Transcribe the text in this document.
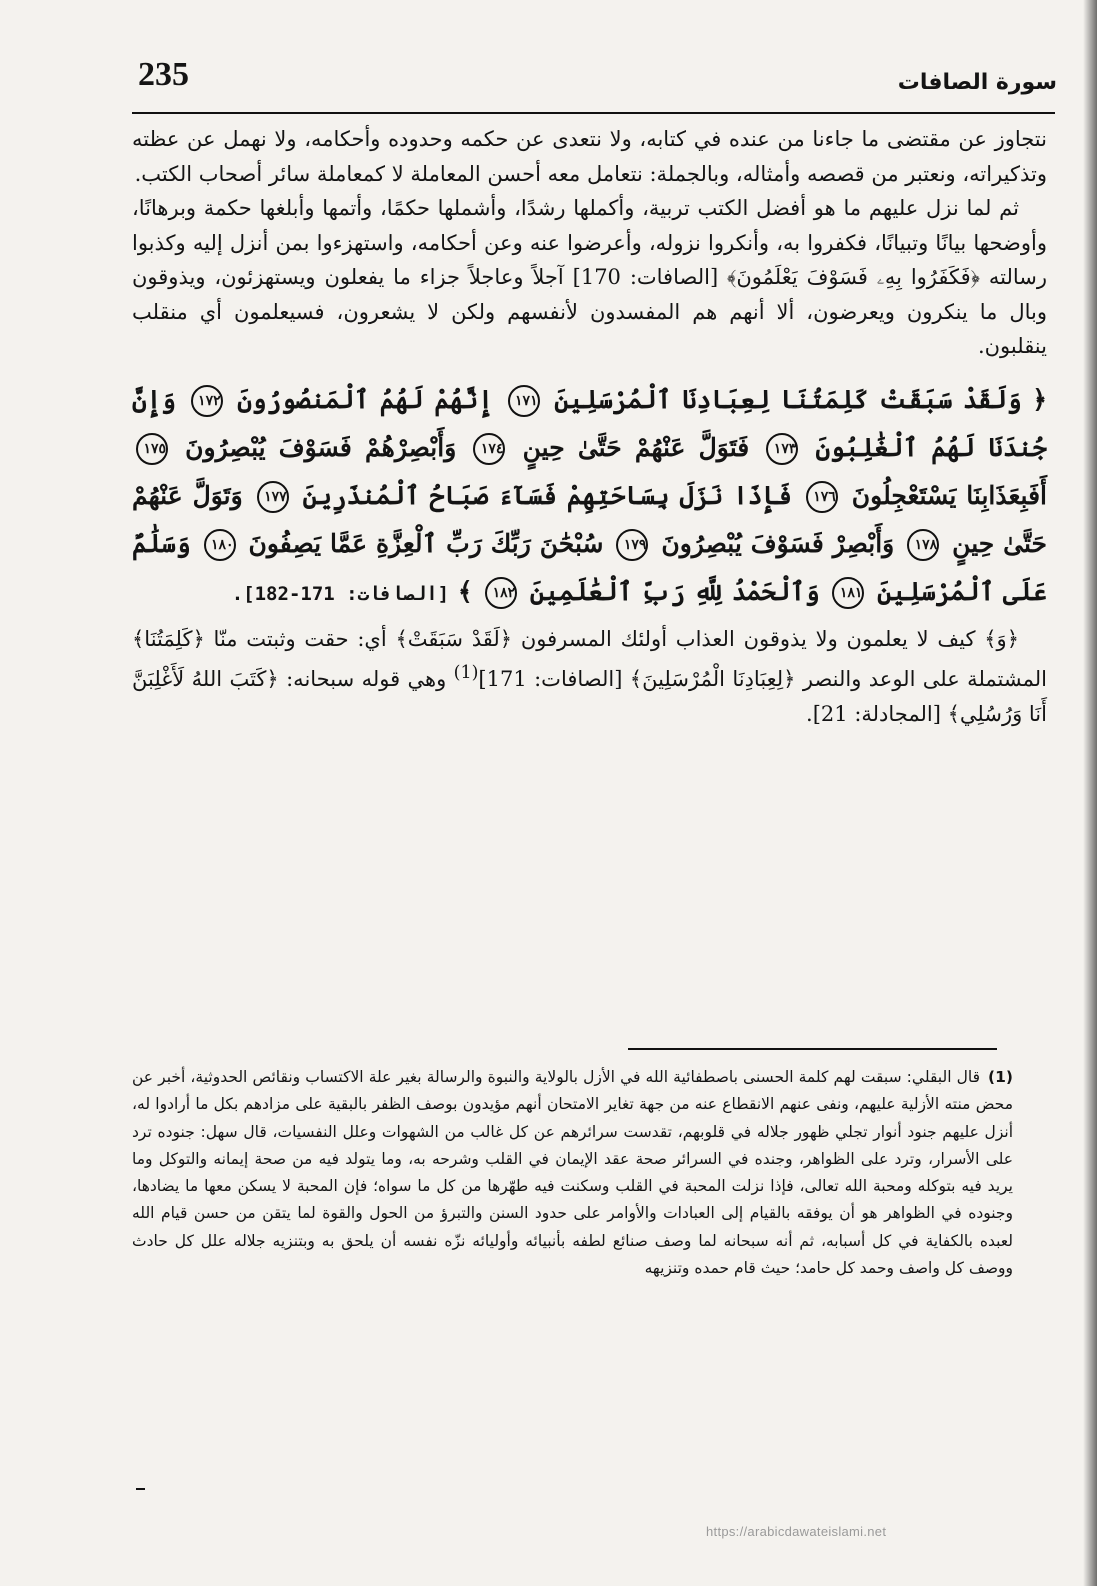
235	سورة الصافات

نتجاوز عن مقتضى ما جاءنا من عنده في كتابه، ولا نتعدى عن حكمه وحدوده وأحكامه، ولا نهمل عن عظته وتذكيراته، ونعتبر من قصصه وأمثاله، وبالجملة: نتعامل معه أحسن المعاملة لا كمعاملة سائر أصحاب الكتب.

ثم لما نزل عليهم ما هو أفضل الكتب تربية، وأكملها رشدًا، وأشملها حكمًا، وأتمها وأبلغها حكمة وبرهانًا، وأوضحها بيانًا وتبيانًا، فكفروا به، وأنكروا نزوله، وأعرضوا عنه وعن أحكامه، واستهزءوا بمن أنزل إليه وكذبوا رسالته ﴿فَكَفَرُوا بِهِۦ فَسَوْفَ يَعْلَمُونَ﴾ [الصافات: 170] آجلاً وعاجلاً جزاء ما يفعلون ويستهزئون، ويذوقون وبال ما ينكرون ويعرضون، ألا أنهم هم المفسدون لأنفسهم ولكن لا يشعرون، فسيعلمون أي منقلب ينقلبون.

﴿ وَلَقَدْ سَبَقَتْ كَلِمَتُنَا لِعِبَادِنَا ٱلْمُرْسَلِينَ ١٧١ إِنَّهُمْ لَهُمُ ٱلْمَنصُورُونَ ١٧٢ وَإِنَّ جُندَنَا لَهُمُ ٱلْغَٰلِبُونَ ١٧٣ فَتَوَلَّ عَنْهُمْ حَتَّىٰ حِينٍ ١٧٤ وَأَبْصِرْهُمْ فَسَوْفَ يُبْصِرُونَ ١٧٥ أَفَبِعَذَابِنَا يَسْتَعْجِلُونَ ١٧٦ فَإِذَا نَزَلَ بِسَاحَتِهِمْ فَسَآءَ صَبَاحُ ٱلْمُنذَرِينَ ١٧٧ وَتَوَلَّ عَنْهُمْ حَتَّىٰ حِينٍ ١٧٨ وَأَبْصِرْ فَسَوْفَ يُبْصِرُونَ ١٧٩ سُبْحَٰنَ رَبِّكَ رَبِّ ٱلْعِزَّةِ عَمَّا يَصِفُونَ ١٨٠ وَسَلَٰمٌ عَلَى ٱلْمُرْسَلِينَ ١٨١ وَٱلْحَمْدُ لِلَّهِ رَبِّ ٱلْعَٰلَمِينَ ١٨٢ ﴾ [الصافات: 171-182].

﴿وَ﴾ كيف لا يعلمون ولا يذوقون العذاب أولئك المسرفون ﴿لَقَدْ سَبَقَتْ﴾ أي: حقت وثبتت منّا ﴿كَلِمَتُنَا﴾ المشتملة على الوعد والنصر ﴿لِعِبَادِنَا الْمُرْسَلِينَ﴾ [الصافات: 171]$^{(1)}$ وهي قوله سبحانه: ﴿كَتَبَ اللهُ لَأَغْلِبَنَّ أَنَا وَرُسُلِي﴾ [المجادلة: 21].

(1)قال البقلي: سبقت لهم كلمة الحسنى باصطفائية الله في الأزل بالولاية والنبوة والرسالة بغير علة الاكتساب ونقائص الحدوثية، أخبر عن محض منته الأزلية عليهم، ونفى عنهم الانقطاع عنه من جهة تغاير الامتحان أنهم مؤيدون بوصف الظفر بالبقية على مزادهم بكل ما أرادوا له، أنزل عليهم جنود أنوار تجلي ظهور جلاله في قلوبهم، تقدست سرائرهم عن كل غالب من الشهوات وعلل النفسيات، قال سهل: جنوده ترد على الأسرار، وترد على الظواهر، وجنده في السرائر صحة عقد الإيمان في القلب وشرحه به، وما يتولد فيه من صحة إيمانه والتوكل وما يريد فيه بتوكله ومحبة الله تعالى، فإذا نزلت المحبة في القلب وسكنت فيه طهّرها من كل ما سواه؛ فإن المحبة لا يسكن معها ما يضادها، وجنوده في الظواهر هو أن يوفقه بالقيام إلى العبادات والأوامر على حدود السنن والتبرؤ من الحول والقوة لما يتقن من حسن قيام الله لعبده بالكفاية في كل أسبابه، ثم أنه سبحانه لما وصف صنائع لطفه بأنبيائه وأوليائه نزّه نفسه أن يلحق به وبتنزيه جلاله علل كل حادث ووصف كل واصف وحمد كل حامد؛ حيث قام حمده وتنزيهه

https://arabicdawateislami.net
